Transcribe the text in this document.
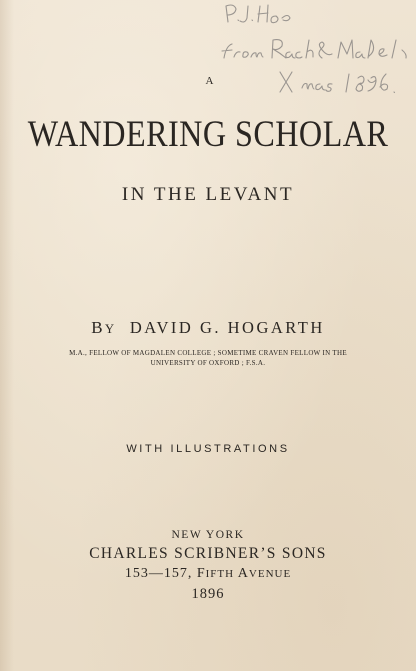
A
WANDERING SCHOLAR
IN THE LEVANT
BY DAVID G. HOGARTH
M.A., FELLOW OF MAGDALEN COLLEGE ; SOMETIME CRAVEN FELLOW IN THE
UNIVERSITY OF OXFORD ; F.S.A.
WITH ILLUSTRATIONS
NEW YORK
CHARLES SCRIBNER’S SONS
153—157, FIFTH AVENUE
1896
